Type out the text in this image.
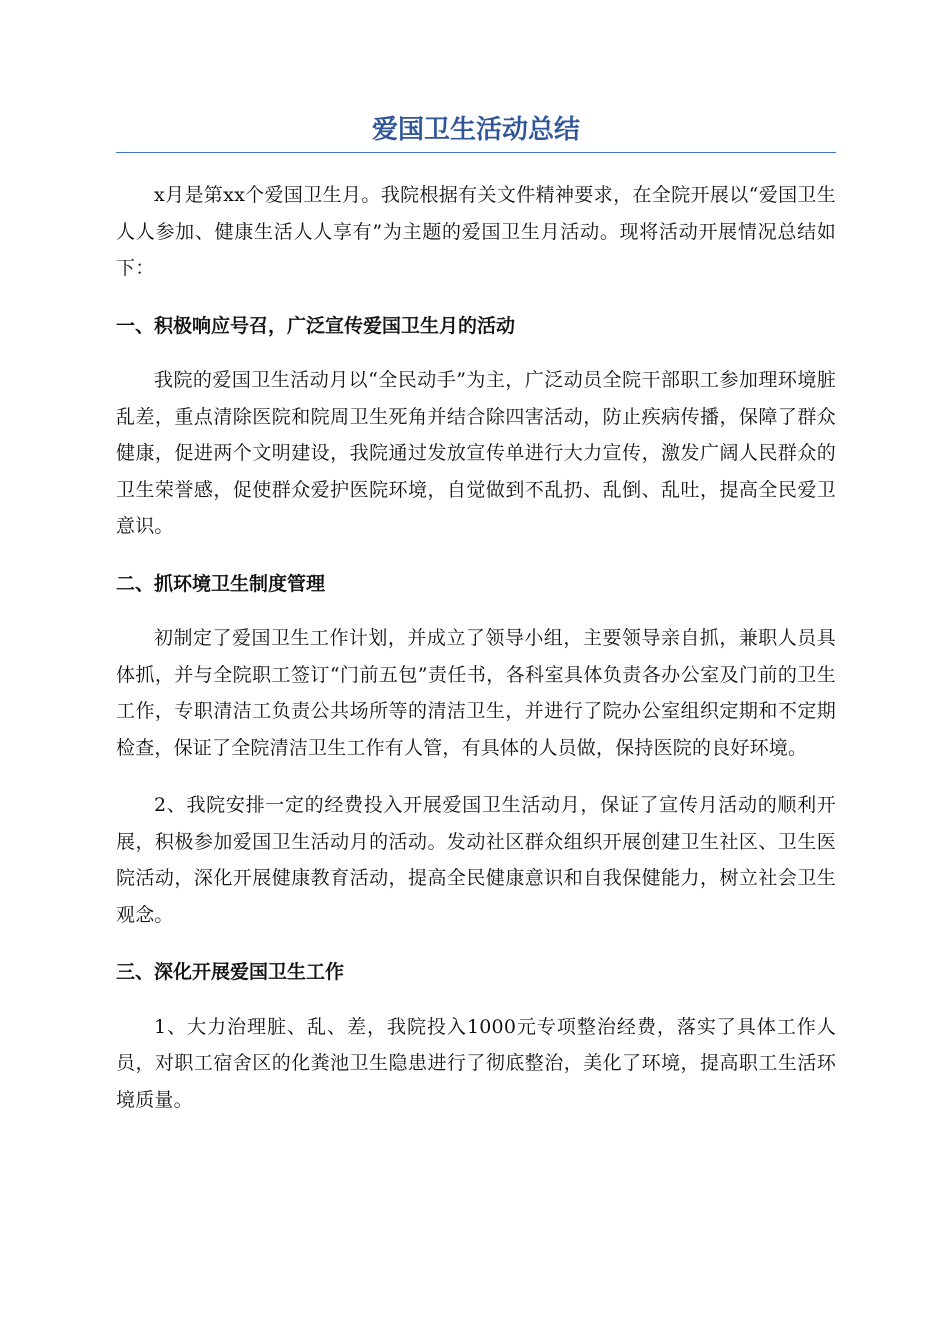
爱国卫生活动总结

x月是第xx个爱国卫生月。我院根据有关文件精神要求，在全院开展以“爱国卫生人人参加、健康生活人人享有”为主题的爱国卫生月活动。现将活动开展情况总结如下：

一、积极响应号召，广泛宣传爱国卫生月的活动

我院的爱国卫生活动月以“全民动手”为主，广泛动员全院干部职工参加理环境脏乱差，重点清除医院和院周卫生死角并结合除四害活动，防止疾病传播，保障了群众健康，促进两个文明建设，我院通过发放宣传单进行大力宣传，激发广阔人民群众的卫生荣誉感，促使群众爱护医院环境，自觉做到不乱扔、乱倒、乱吐，提高全民爱卫意识。

二、抓环境卫生制度管理

初制定了爱国卫生工作计划，并成立了领导小组，主要领导亲自抓，兼职人员具体抓，并与全院职工签订“门前五包”责任书，各科室具体负责各办公室及门前的卫生工作，专职清洁工负责公共场所等的清洁卫生，并进行了院办公室组织定期和不定期检查，保证了全院清洁卫生工作有人管，有具体的人员做，保持医院的良好环境。

2、我院安排一定的经费投入开展爱国卫生活动月，保证了宣传月活动的顺利开展，积极参加爱国卫生活动月的活动。发动社区群众组织开展创建卫生社区、卫生医院活动，深化开展健康教育活动，提高全民健康意识和自我保健能力，树立社会卫生观念。

三、深化开展爱国卫生工作

1、大力治理脏、乱、差，我院投入1000元专项整治经费，落实了具体工作人员，对职工宿舍区的化粪池卫生隐患进行了彻底整治，美化了环境，提高职工生活环境质量。
